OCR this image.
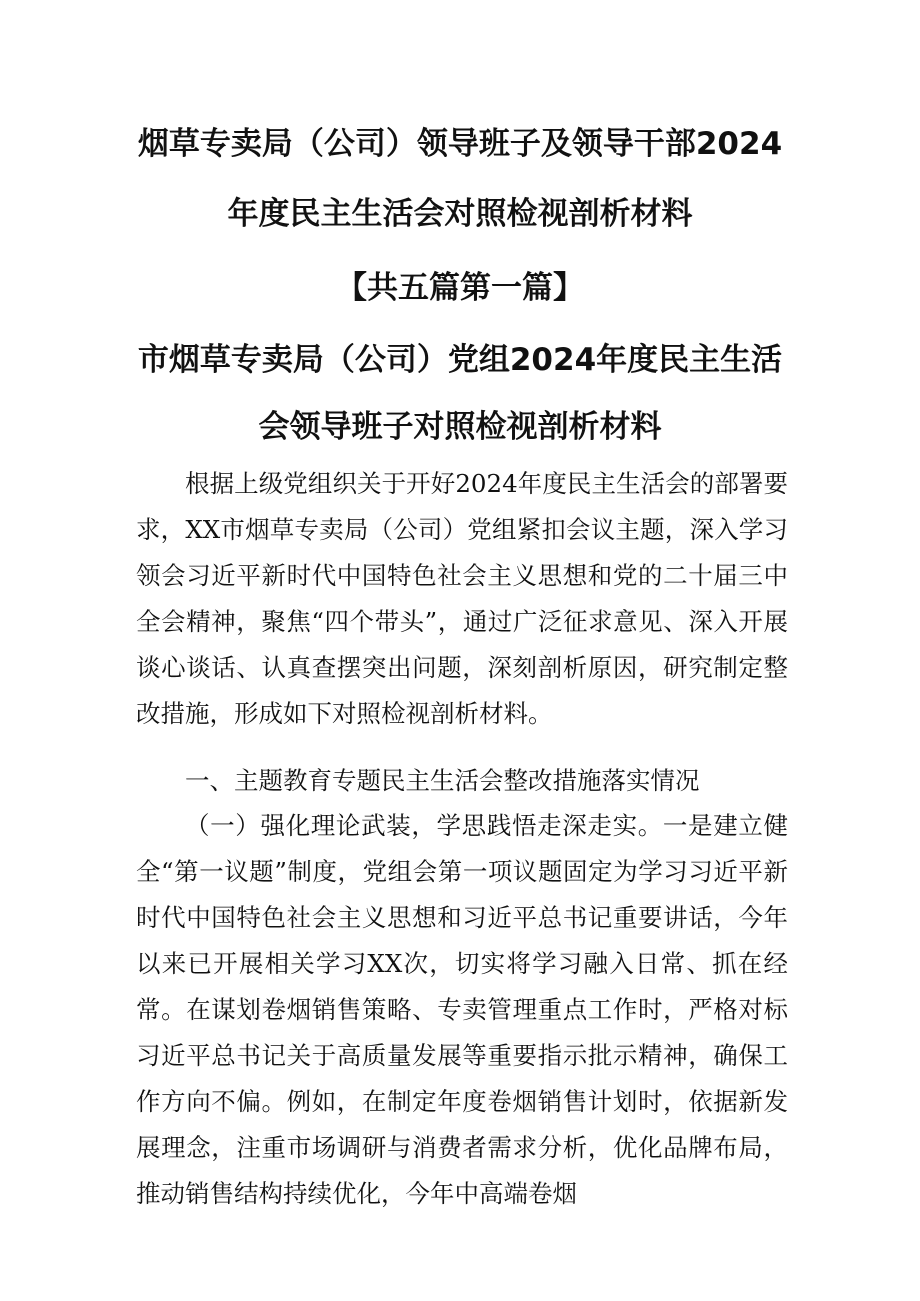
烟草专卖局（公司）领导班子及领导干部2024
年度民主生活会对照检视剖析材料
【共五篇第一篇】
市烟草专卖局（公司）党组2024年度民主生活
会领导班子对照检视剖析材料

根据上级党组织关于开好2024年度民主生活会的部署要求，XX市烟草专卖局（公司）党组紧扣会议主题，深入学习领会习近平新时代中国特色社会主义思想和党的二十届三中全会精神，聚焦“四个带头”，通过广泛征求意见、深入开展谈心谈话、认真查摆突出问题，深刻剖析原因，研究制定整改措施，形成如下对照检视剖析材料。

一、主题教育专题民主生活会整改措施落实情况

（一）强化理论武装，学思践悟走深走实。一是建立健全“第一议题”制度，党组会第一项议题固定为学习习近平新时代中国特色社会主义思想和习近平总书记重要讲话，今年以来已开展相关学习XX次，切实将学习融入日常、抓在经常。在谋划卷烟销售策略、专卖管理重点工作时，严格对标习近平总书记关于高质量发展等重要指示批示精神，确保工作方向不偏。例如，在制定年度卷烟销售计划时，依据新发展理念，注重市场调研与消费者需求分析，优化品牌布局，推动销售结构持续优化，今年中高端卷烟
